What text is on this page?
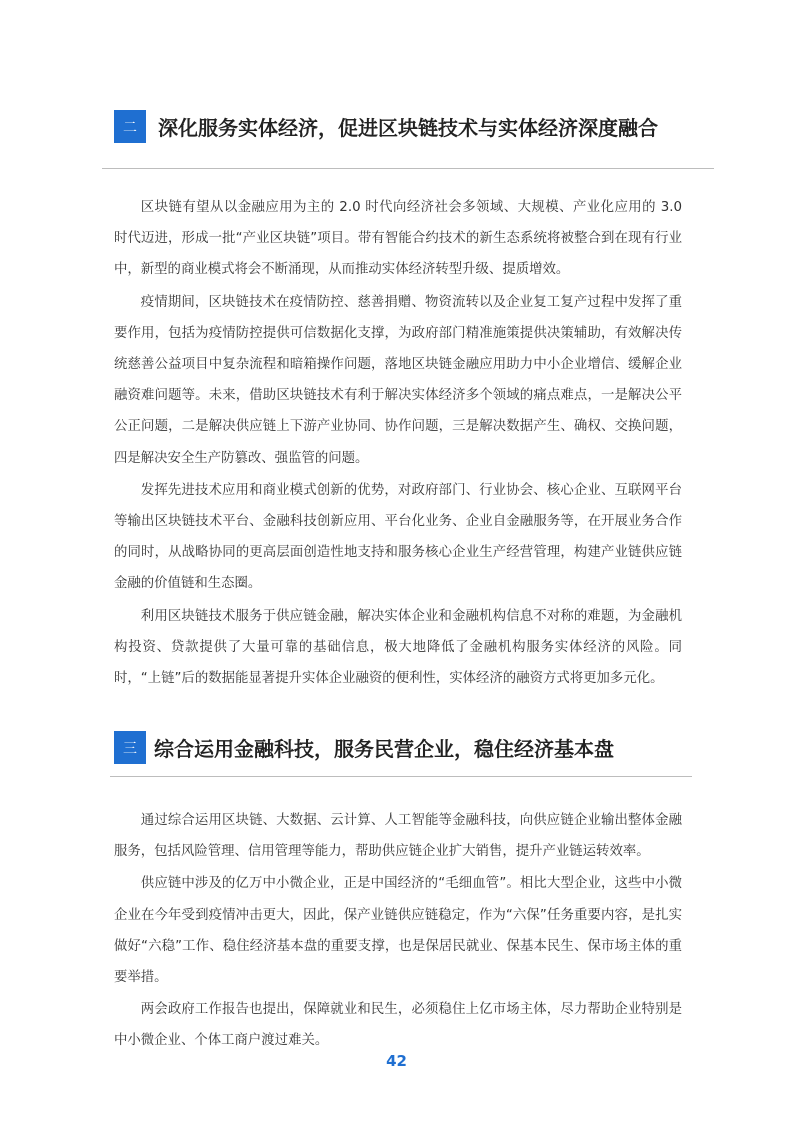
二	深化服务实体经济，促进区块链技术与实体经济深度融合

区块链有望从以金融应用为主的 2.0 时代向经济社会多领域、大规模、产业化应用的 3.0 时代迈进，形成一批“产业区块链”项目。带有智能合约技术的新生态系统将被整合到在现有行业中，新型的商业模式将会不断涌现，从而推动实体经济转型升级、提质增效。

疫情期间，区块链技术在疫情防控、慈善捐赠、物资流转以及企业复工复产过程中发挥了重要作用，包括为疫情防控提供可信数据化支撑，为政府部门精准施策提供决策辅助，有效解决传统慈善公益项目中复杂流程和暗箱操作问题，落地区块链金融应用助力中小企业增信、缓解企业融资难问题等。未来，借助区块链技术有利于解决实体经济多个领域的痛点难点，一是解决公平公正问题，二是解决供应链上下游产业协同、协作问题，三是解决数据产生、确权、交换问题，四是解决安全生产防篡改、强监管的问题。

发挥先进技术应用和商业模式创新的优势，对政府部门、行业协会、核心企业、互联网平台等输出区块链技术平台、金融科技创新应用、平台化业务、企业自金融服务等，在开展业务合作的同时，从战略协同的更高层面创造性地支持和服务核心企业生产经营管理，构建产业链供应链金融的价值链和生态圈。

利用区块链技术服务于供应链金融，解决实体企业和金融机构信息不对称的难题，为金融机构投资、贷款提供了大量可靠的基础信息，极大地降低了金融机构服务实体经济的风险。同时，“上链”后的数据能显著提升实体企业融资的便利性，实体经济的融资方式将更加多元化。

三 综合运用金融科技，服务民营企业，稳住经济基本盘

通过综合运用区块链、大数据、云计算、人工智能等金融科技，向供应链企业输出整体金融服务，包括风险管理、信用管理等能力，帮助供应链企业扩大销售，提升产业链运转效率。

供应链中涉及的亿万中小微企业，正是中国经济的“毛细血管”。相比大型企业，这些中小微企业在今年受到疫情冲击更大，因此，保产业链供应链稳定，作为“六保”任务重要内容，是扎实做好“六稳”工作、稳住经济基本盘的重要支撑，也是保居民就业、保基本民生、保市场主体的重要举措。

两会政府工作报告也提出，保障就业和民生，必须稳住上亿市场主体，尽力帮助企业特别是中小微企业、个体工商户渡过难关。

42
